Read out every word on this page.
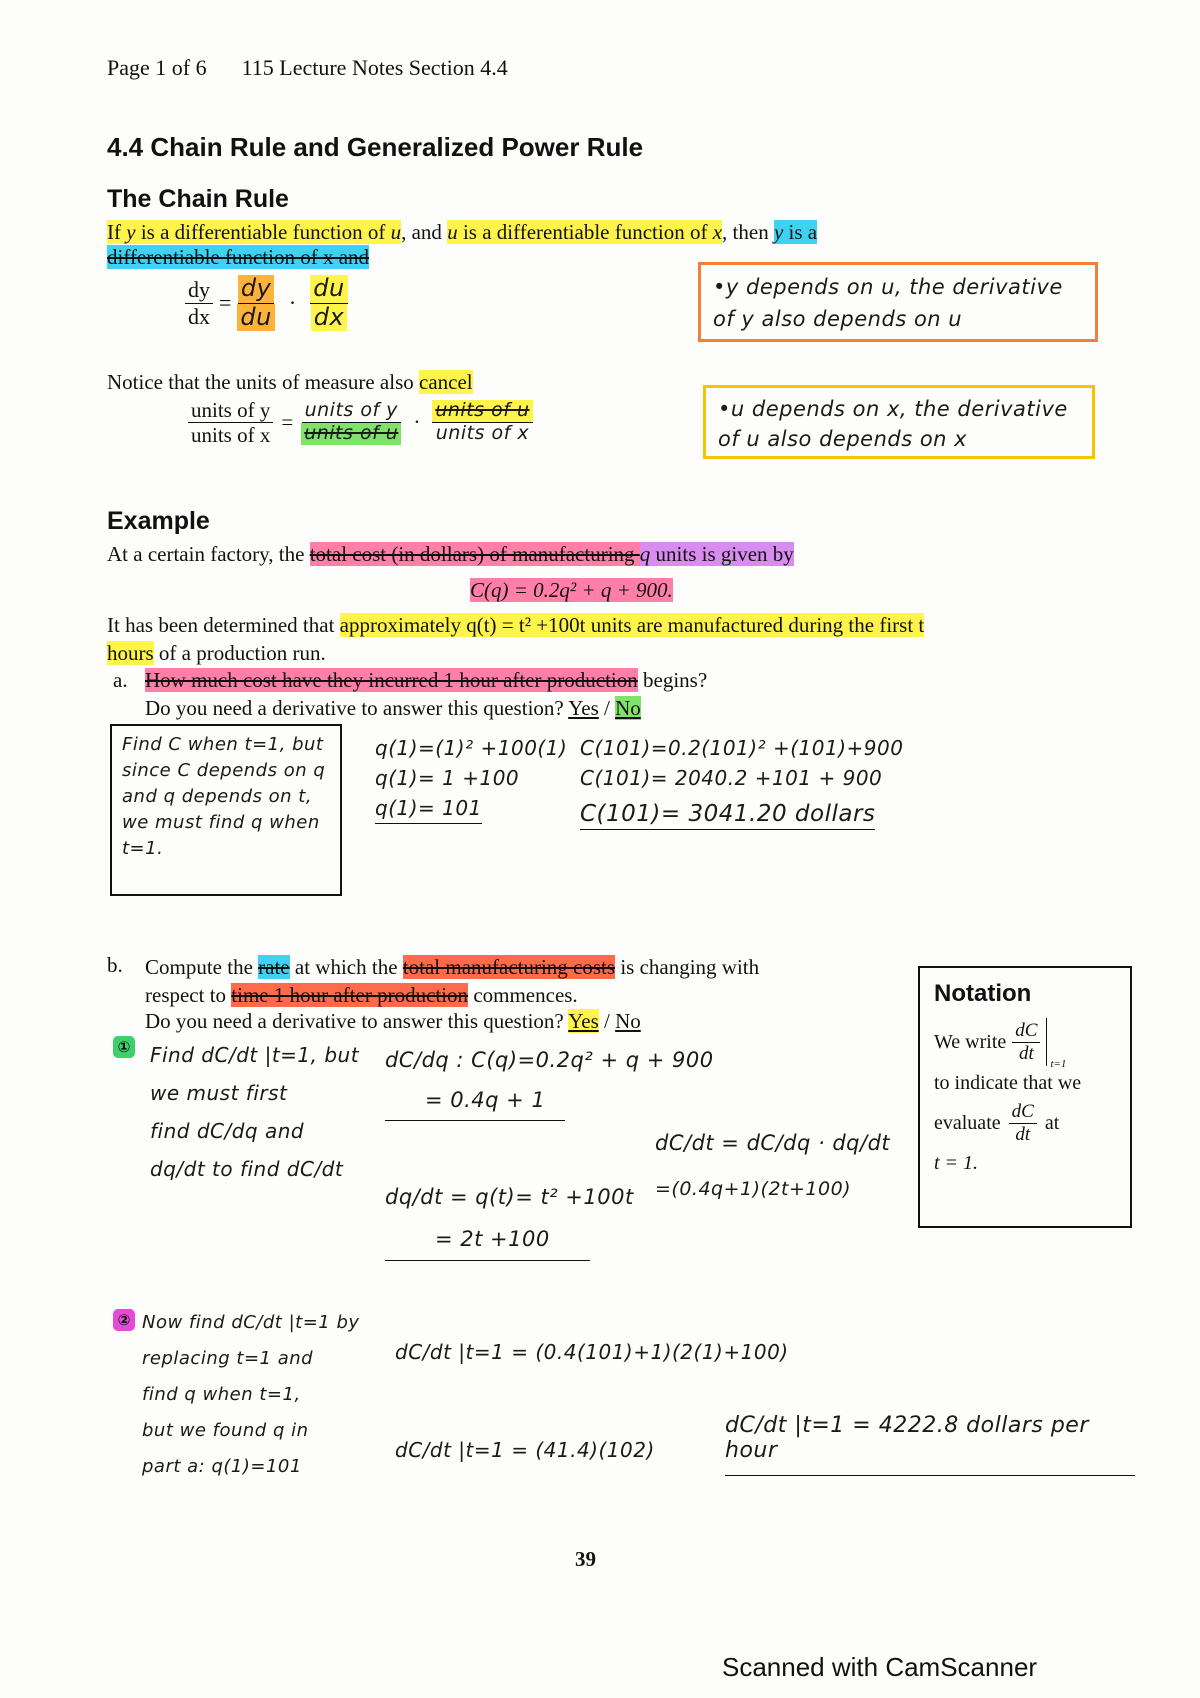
Page 1 of 6 115 Lecture Notes Section 4.4
4.4 Chain Rule and Generalized Power Rule
The Chain Rule
If y is a differentiable function of u, and u is a differentiable function of x, then y is a
differentiable function of x and
$\frac{dy}{dx} = \frac{dy}{du} \cdot \frac{du}{dx}$	•y depends on u, the derivative of y also depends on u
•u depends on x, the derivative of u also depends on x
Notice that the units of measure also cancel
$\frac{\text{units of y}}{\text{units of x}} = \frac{\text{units of y}}{\text{units of u}} \cdot \frac{\text{units of u}}{\text{units of x}}$
Example
At a certain factory, the total cost (in dollars) of manufacturing q units is given by
C(q) = 0.2q² + q + 900.
It has been determined that approximately q(t) = t² +100t units are manufactured during the first t
hours of a production run.
a. How much cost have they incurred 1 hour after production begins?
Do you need a derivative to answer this question? Yes / No
Find C when t=1, but since C depends on q and q depends on t, we must find q when t=1.
q(1)=(1)² +100(1)
q(1)= 1 +100
q(1)= 101
C(101)=0.2(101)² +(101)+900
C(101)= 2040.2 +101 + 900
C(101)= 3041.20 dollars
b. Compute the rate at which the total manufacturing costs is changing with
respect to time 1 hour after production commences.
Do you need a derivative to answer this question? Yes / No
Notation
We write $\frac{dC}{dt} t=1$
to indicate that we
evaluate $\frac{dC}{dt}$ at
t = 1.
① Find dC/dt |t=1, but
we must first
find dC/dq and
dq/dt to find dC/dt
dC/dq : C(q)=0.2q² + q + 900
= 0.4q + 1
dq/dt = q(t)= t² +100t
= 2t +100
dC/dt = dC/dq · dq/dt
=(0.4q+1)(2t+100)
② Now find dC/dt |t=1 by
replacing t=1 and
find q when t=1,
but we found q in
part a: q(1)=101
dC/dt |t=1 = (0.4(101)+1)(2(1)+100)
dC/dt |t=1 = (41.4)(102)
dC/dt |t=1 = 4222.8 dollars per hour
39
Scanned with CamScanner
